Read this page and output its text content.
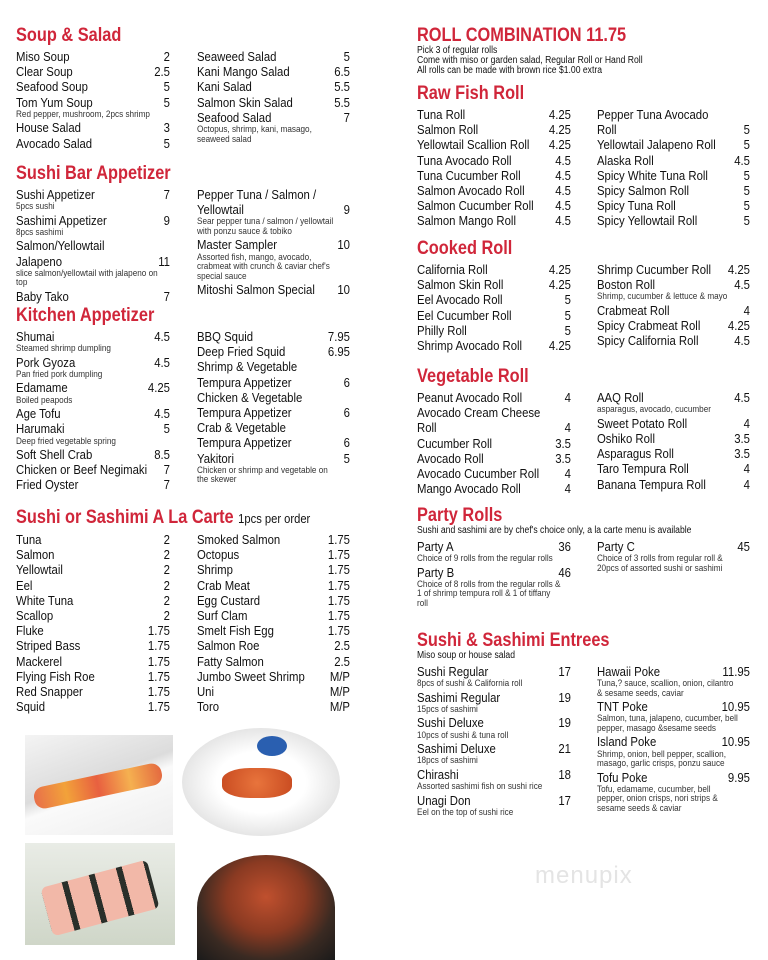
Soup & Salad
Miso Soup	2
Clear Soup	2.5
Seafood Soup	5
Tom Yum Soup	5
Red pepper, mushroom, 2pcs shrimp
House Salad	3
Avocado Salad	5
Seaweed Salad	5
Kani Mango Salad	6.5
Kani Salad	5.5
Salmon Skin Salad	5.5
Seafood Salad	7
Octopus, shrimp, kani, masago, seaweed salad
Sushi Bar Appetizer
Sushi Appetizer	7
5pcs sushi
Sashimi Appetizer	9
8pcs sashimi
Salmon/Yellowtail Jalapeno	11
slice salmon/yellowtail with jalapeno on top
Baby Tako	7
Pepper Tuna / Salmon / Yellowtail	9
Sear pepper tuna / salmon / yellowtail with ponzu sauce & tobiko
Master Sampler	10
Assorted fish, mango, avocado, crabmeat with crunch & caviar chef's special sauce
Mitoshi Salmon Special 10
Kitchen Appetizer
Shumai	4.5
Steamed shrimp dumpling
Pork Gyoza	4.5
Pan fried pork dumpling
Edamame	4.25
Boiled peapods
Age Tofu	4.5
Harumaki	5
Deep fried vegetable spring
Soft Shell Crab	8.5
Chicken or Beef Negimaki 7
Fried Oyster	7
BBQ Squid	7.95
Deep Fried Squid	6.95
Shrimp & Vegetable Tempura Appetizer	6
Chicken & Vegetable Tempura Appetizer	6
Crab & Vegetable Tempura Appetizer	6
Yakitori	5
Chicken or shrimp and vegetable on the skewer
Sushi or Sashimi A La Carte 1pcs per order
Tuna	2
Salmon	2
Yellowtail	2
Eel	2
White Tuna	2
Scallop	2
Fluke	1.75
Striped Bass	1.75
Mackerel	1.75
Flying Fish Roe	1.75
Red Snapper	1.75
Squid	1.75
Smoked Salmon	1.75
Octopus	1.75
Shrimp	1.75
Crab Meat	1.75
Egg Custard	1.75
Surf Clam	1.75
Smelt Fish Egg	1.75
Salmon Roe	2.5
Fatty Salmon	2.5
Jumbo Sweet Shrimp M/P
Uni	M/P
Toro	M/P
ROLL COMBINATION 11.75
Pick 3 of regular rolls
Come with miso or garden salad, Regular Roll or Hand Roll
All rolls can be made with brown rice $1.00 extra
Raw Fish Roll
Tuna Roll	4.25
Salmon Roll	4.25
Yellowtail Scallion Roll 4.25
Tuna Avocado Roll	4.5
Tuna Cucumber Roll	4.5
Salmon Avocado Roll 4.5
Salmon Cucumber Roll 4.5
Salmon Mango Roll	4.5
Pepper Tuna Avocado Roll	5
Yellowtail Jalapeno Roll 5
Alaska Roll	4.5
Spicy White Tuna Roll	5
Spicy Salmon Roll	5
Spicy Tuna Roll	5
Spicy Yellowtail Roll	5
Cooked Roll
California Roll	4.25
Salmon Skin Roll	4.25
Eel Avocado Roll	5
Eel Cucumber Roll	5
Philly Roll	5
Shrimp Avocado Roll 4.25
Shrimp Cucumber Roll 4.25
Boston Roll	4.5
Shrimp, cucumber & lettuce & mayo
Crabmeat Roll	4
Spicy Crabmeat Roll 4.25
Spicy California Roll	4.5
Vegetable Roll
Peanut Avocado Roll	4
Avocado Cream Cheese Roll	4
Cucumber Roll	3.5
Avocado Roll	3.5
Avocado Cucumber Roll 4
Mango Avocado Roll	4
AAQ Roll	4.5
asparagus, avocado, cucumber
Sweet Potato Roll	4
Oshiko Roll	3.5
Asparagus Roll	3.5
Taro Tempura Roll	4
Banana Tempura Roll	4
Party Rolls
Sushi and sashimi are by chef's choice only, a la carte menu is available
Party A	36
Choice of 9 rolls from the regular rolls
Party B	46
Choice of 8 rolls from the regular rolls & 1 of shrimp tempura roll & 1 of tiffany roll
Party C	45
Choice of 3 rolls from regular roll & 20pcs of assorted sushi or sashimi
Sushi & Sashimi Entrees
Miso soup or house salad
Sushi Regular	17
8pcs of sushi & California roll
Sashimi Regular	19
15pcs of sashimi
Sushi Deluxe	19
10pcs of sushi & tuna roll
Sashimi Deluxe	21
18pcs of sashimi
Chirashi	18
Assorted sashimi fish on sushi rice
Unagi Don	17
Eel on the top of sushi rice
Hawaii Poke	11.95
Tuna,? sauce, scallion, onion, cilantro & sesame seeds, caviar
TNT Poke	10.95
Salmon, tuna, jalapeno, cucumber, bell pepper, masago &sesame seeds
Island Poke	10.95
Shrimp, onion, bell pepper, scallion, masago, garlic crisps, ponzu sauce
Tofu Poke	9.95
Tofu, edamame, cucumber, bell pepper, onion crisps, nori strips & sesame seeds & caviar
menupix
